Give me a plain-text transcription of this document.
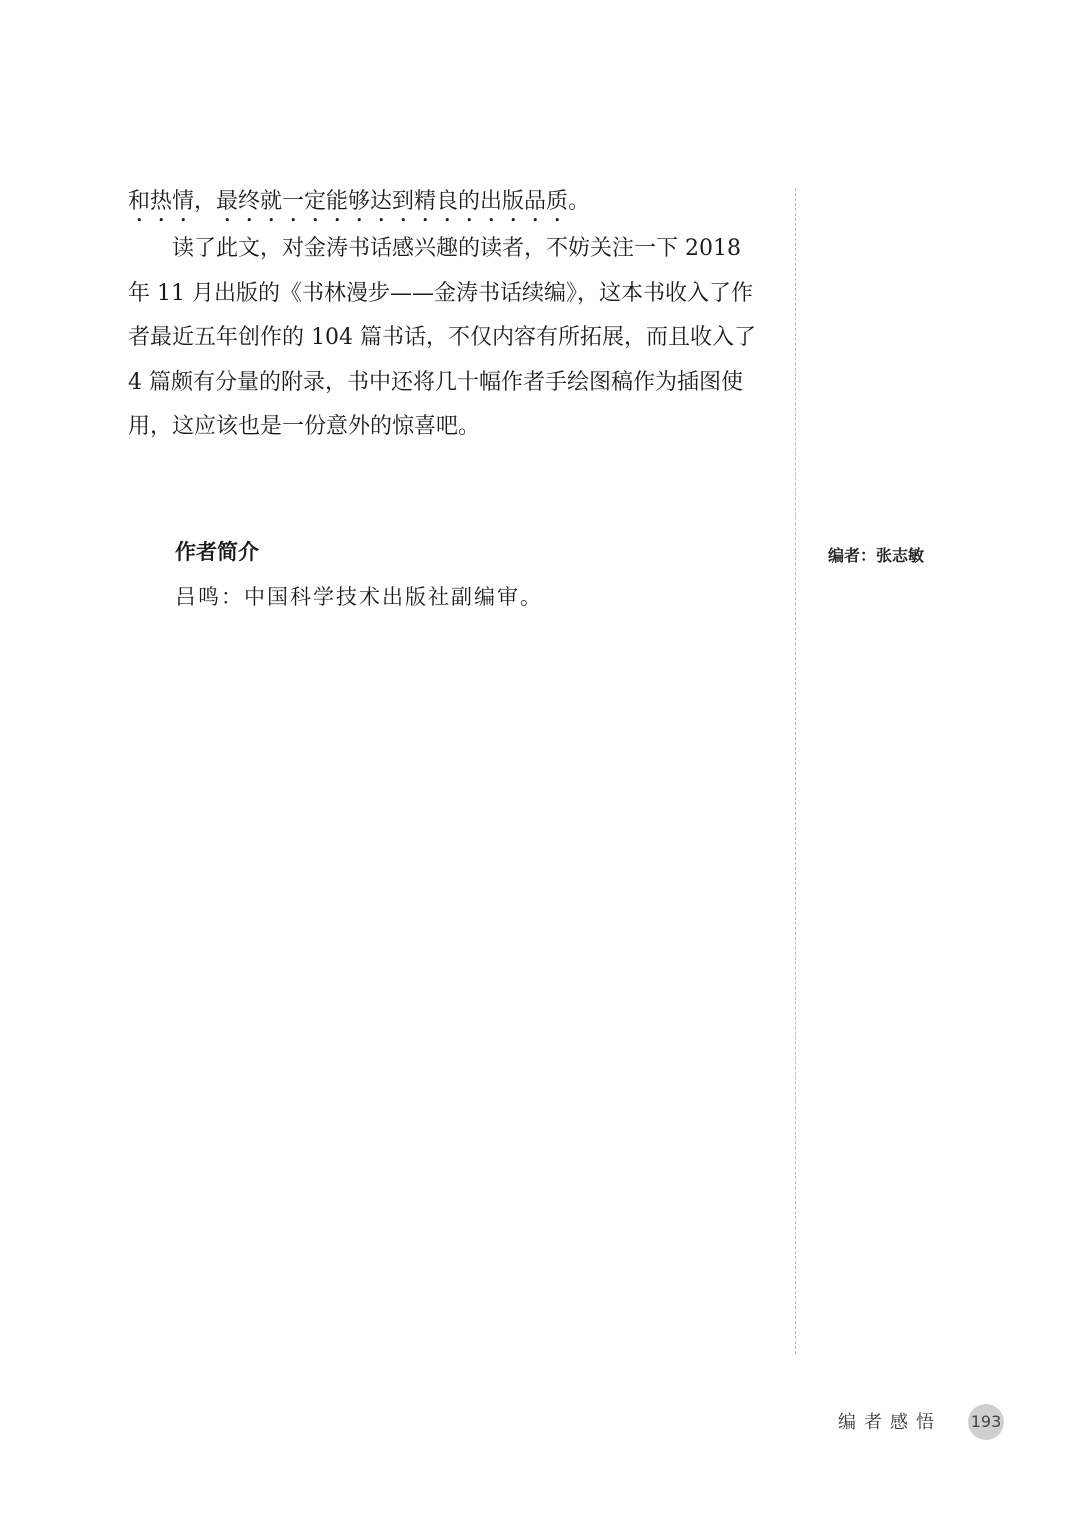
和热情，最终就一定能够达到精良的出版品质。

读了此文，对金涛书话感兴趣的读者，不妨关注一下 2018 年 11 月出版的《书林漫步——金涛书话续编》，这本书收入了作者最近五年创作的 104 篇书话，不仅内容有所拓展，而且收入了 4 篇颇有分量的附录，书中还将几十幅作者手绘图稿作为插图使用，这应该也是一份意外的惊喜吧。

作者简介

吕鸣：中国科学技术出版社副编审。

编者：张志敏
编者感悟 193
